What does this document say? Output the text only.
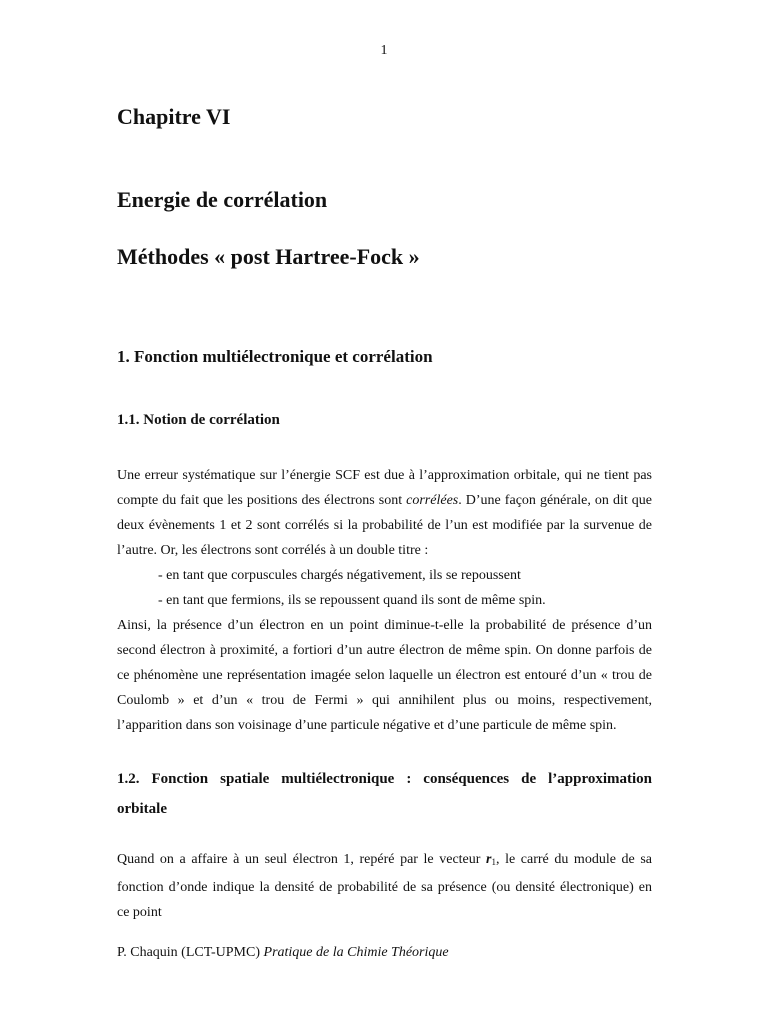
1
Chapitre VI
Energie de corrélation
Méthodes « post Hartree-Fock »
1. Fonction multiélectronique et corrélation
1.1. Notion de corrélation
Une erreur systématique sur l’énergie SCF est due à l’approximation orbitale, qui ne tient pas
compte du fait que les positions des électrons sont corrélées. D’une façon générale, on dit que
deux évènements 1 et 2 sont corrélés si la probabilité de l’un est modifiée par la survenue de
l’autre. Or, les électrons sont corrélés à un double titre :
- en tant que corpuscules chargés négativement, ils se repoussent
- en tant que fermions, ils se repoussent quand ils sont de même spin.
Ainsi, la présence d’un électron en un point diminue-t-elle la probabilité de présence d’un
second électron à proximité, a fortiori d’un autre électron de même spin. On donne parfois de
ce phénomène une représentation imagée selon laquelle un électron est entouré d’un « trou de
Coulomb » et d’un « trou de Fermi » qui annihilent plus ou moins, respectivement,
l’apparition dans son voisinage d’une particule négative et d’une particule de même spin.
1.2. Fonction spatiale multiélectronique : conséquences de l’approximation
orbitale
Quand on a affaire à un seul électron 1, repéré par le vecteur $r_1$, le carré du module de sa
fonction d’onde indique la densité de probabilité de sa présence (ou densité électronique) en
ce point
P. Chaquin (LCT-UPMC) Pratique de la Chimie Théorique
